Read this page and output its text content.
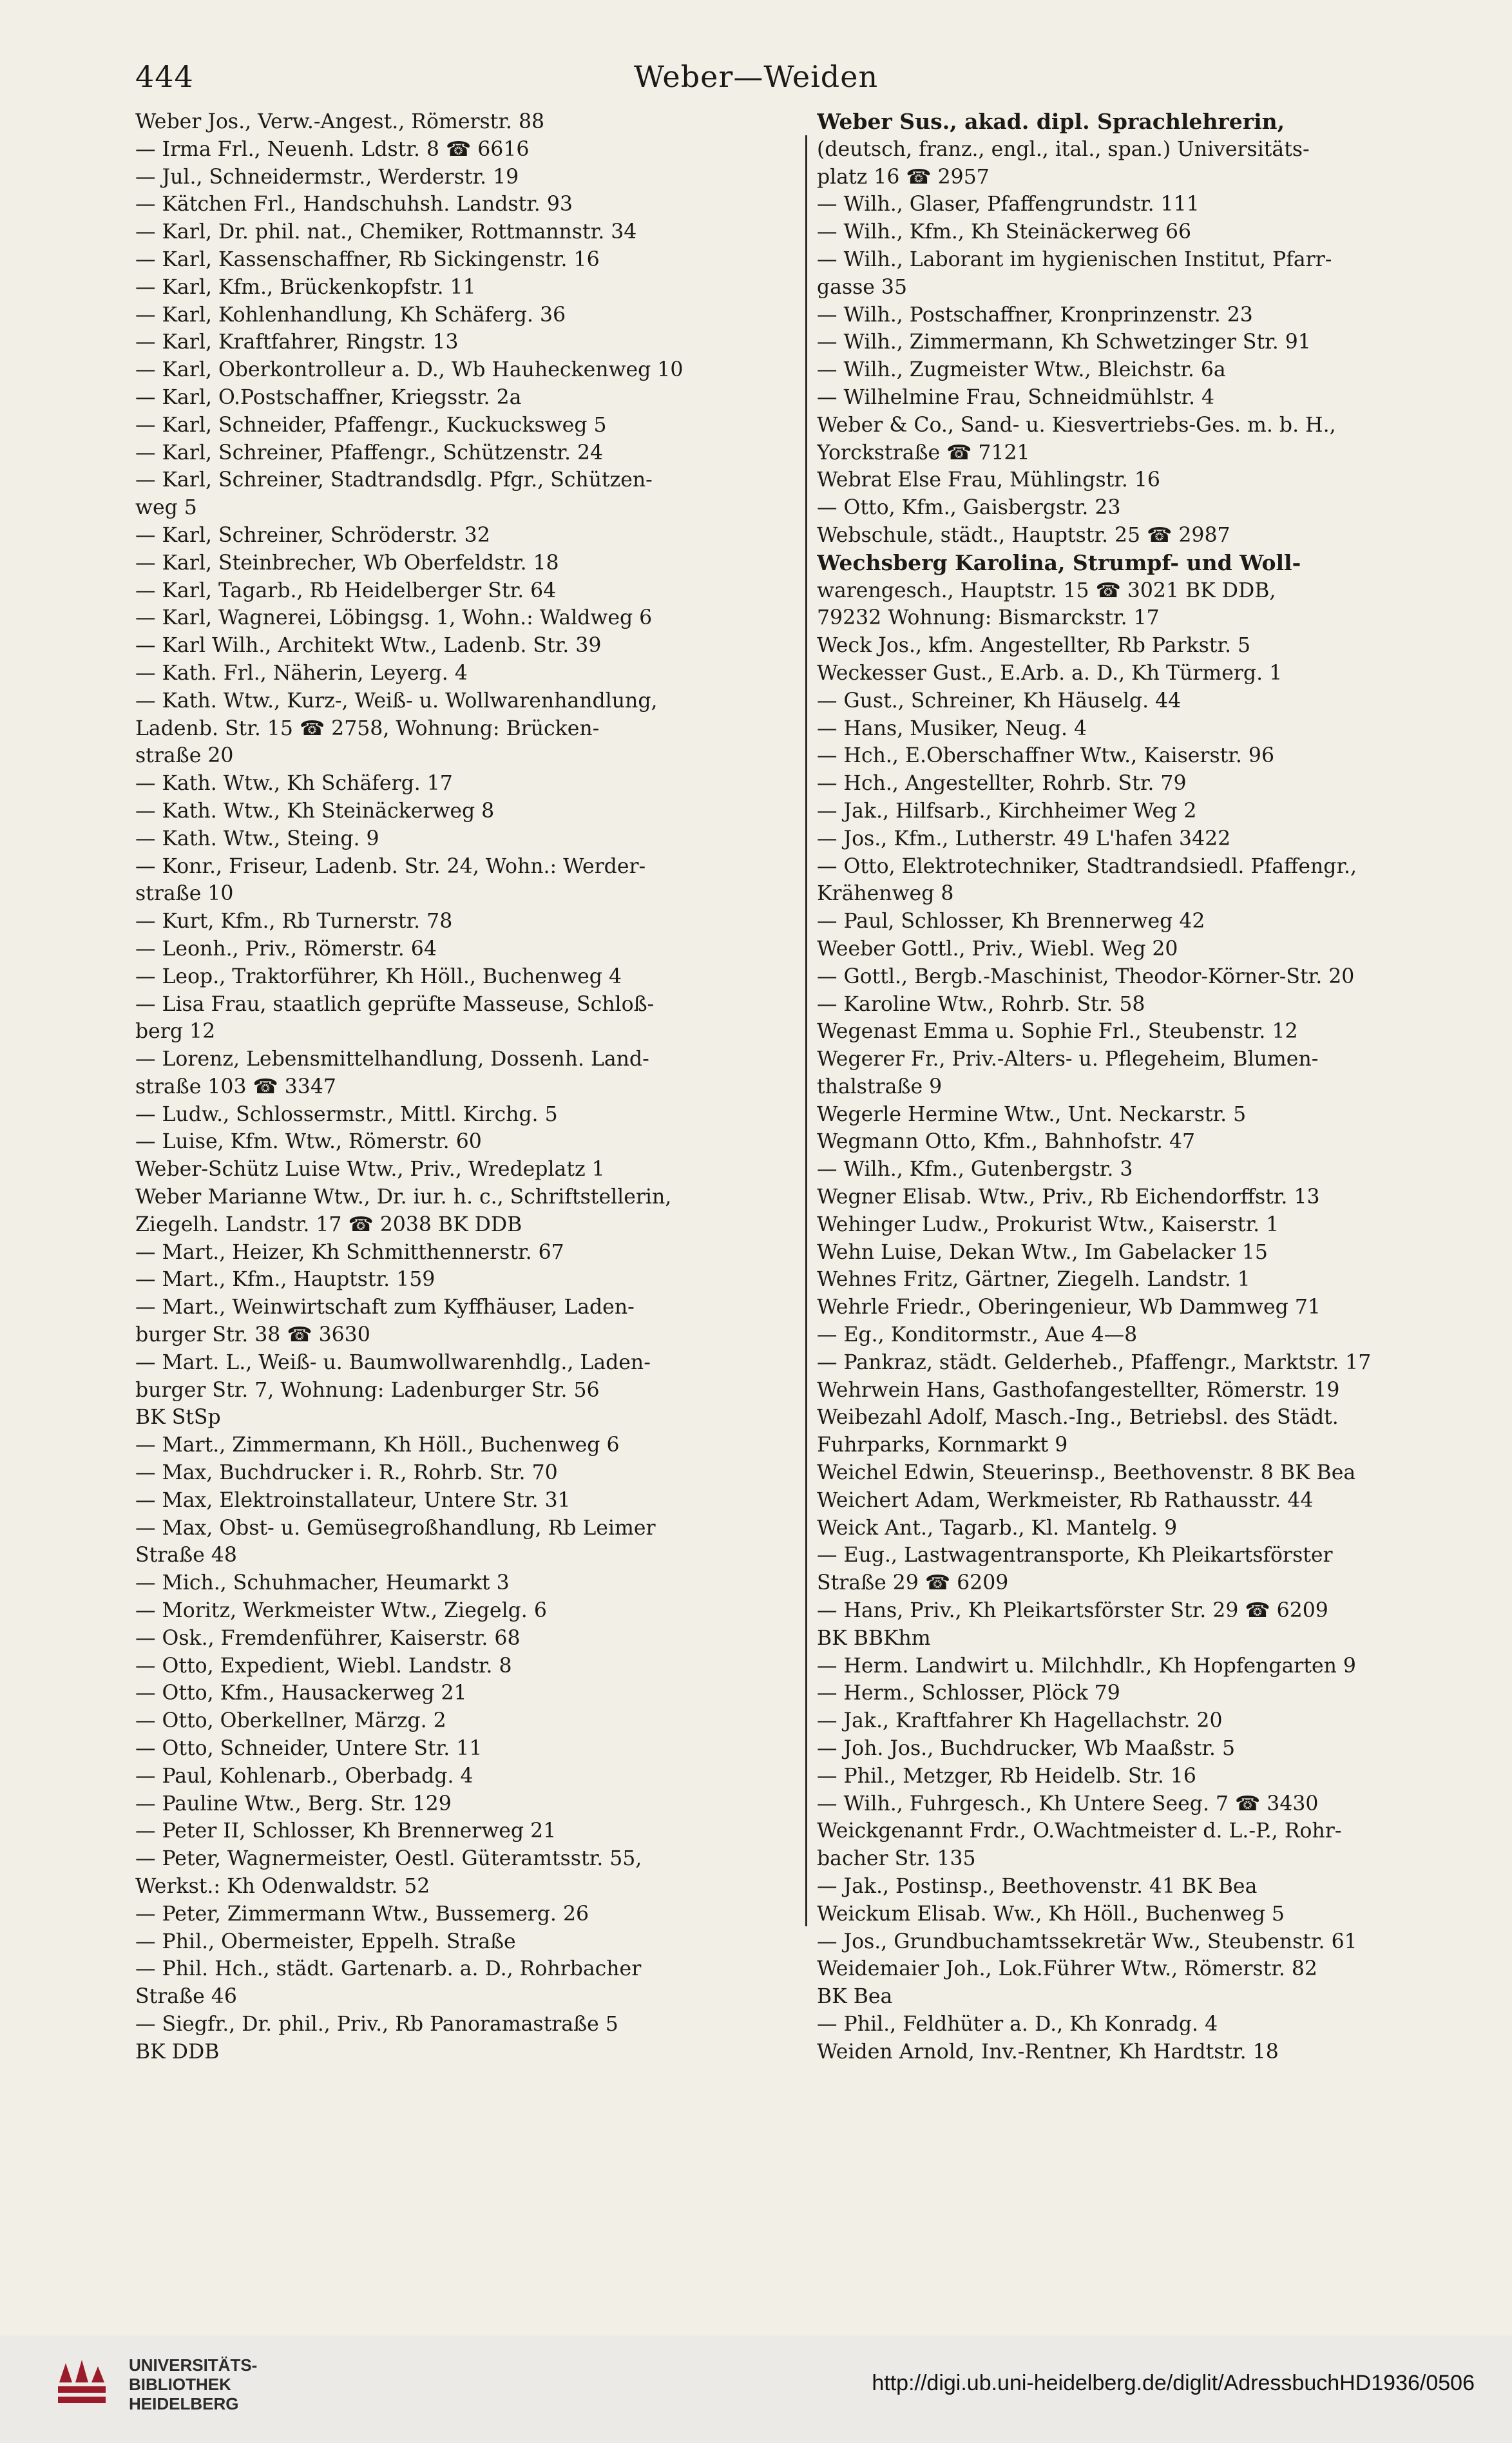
444	Weber—Weiden

Weber Jos., Verw.-Angest., Römerstr. 88

— Irma Frl., Neuenh. Ldstr. 8 ☎ 6616

— Jul., Schneidermstr., Werderstr. 19

— Kätchen Frl., Handschuhsh. Landstr. 93

— Karl, Dr. phil. nat., Chemiker, Rottmannstr. 34

— Karl, Kassenschaffner, Rb Sickingenstr. 16

— Karl, Kfm., Brückenkopfstr. 11

— Karl, Kohlenhandlung, Kh Schäferg. 36

— Karl, Kraftfahrer, Ringstr. 13

— Karl, Oberkontrolleur a. D., Wb Hauheckenweg 10

— Karl, O.Postschaffner, Kriegsstr. 2a

— Karl, Schneider, Pfaffengr., Kuckucksweg 5

— Karl, Schreiner, Pfaffengr., Schützenstr. 24

— Karl, Schreiner, Stadtrandsdlg. Pfgr., Schützen-

weg 5

— Karl, Schreiner, Schröderstr. 32

— Karl, Steinbrecher, Wb Oberfeldstr. 18

— Karl, Tagarb., Rb Heidelberger Str. 64

— Karl, Wagnerei, Löbingsg. 1, Wohn.: Waldweg 6

— Karl Wilh., Architekt Wtw., Ladenb. Str. 39

— Kath. Frl., Näherin, Leyerg. 4

— Kath. Wtw., Kurz-, Weiß- u. Wollwarenhandlung,

Ladenb. Str. 15 ☎ 2758, Wohnung: Brücken-

straße 20

— Kath. Wtw., Kh Schäferg. 17

— Kath. Wtw., Kh Steinäckerweg 8

— Kath. Wtw., Steing. 9

— Konr., Friseur, Ladenb. Str. 24, Wohn.: Werder-

straße 10

— Kurt, Kfm., Rb Turnerstr. 78

— Leonh., Priv., Römerstr. 64

— Leop., Traktorführer, Kh Höll., Buchenweg 4

— Lisa Frau, staatlich geprüfte Masseuse, Schloß-

berg 12

— Lorenz, Lebensmittelhandlung, Dossenh. Land-

straße 103 ☎ 3347

— Ludw., Schlossermstr., Mittl. Kirchg. 5

— Luise, Kfm. Wtw., Römerstr. 60

Weber-Schütz Luise Wtw., Priv., Wredeplatz 1

Weber Marianne Wtw., Dr. iur. h. c., Schriftstellerin,

Ziegelh. Landstr. 17 ☎ 2038 BK DDB

— Mart., Heizer, Kh Schmitthennerstr. 67

— Mart., Kfm., Hauptstr. 159

— Mart., Weinwirtschaft zum Kyffhäuser, Laden-

burger Str. 38 ☎ 3630

— Mart. L., Weiß- u. Baumwollwarenhdlg., Laden-

burger Str. 7, Wohnung: Ladenburger Str. 56

BK StSp

— Mart., Zimmermann, Kh Höll., Buchenweg 6

— Max, Buchdrucker i. R., Rohrb. Str. 70

— Max, Elektroinstallateur, Untere Str. 31

— Max, Obst- u. Gemüsegroßhandlung, Rb Leimer

Straße 48

— Mich., Schuhmacher, Heumarkt 3

— Moritz, Werkmeister Wtw., Ziegelg. 6

— Osk., Fremdenführer, Kaiserstr. 68

— Otto, Expedient, Wiebl. Landstr. 8

— Otto, Kfm., Hausackerweg 21

— Otto, Oberkellner, Märzg. 2

— Otto, Schneider, Untere Str. 11

— Paul, Kohlenarb., Oberbadg. 4

— Pauline Wtw., Berg. Str. 129

— Peter II, Schlosser, Kh Brennerweg 21

— Peter, Wagnermeister, Oestl. Güteramtsstr. 55,

Werkst.: Kh Odenwaldstr. 52

— Peter, Zimmermann Wtw., Bussemerg. 26

— Phil., Obermeister, Eppelh. Straße

— Phil. Hch., städt. Gartenarb. a. D., Rohrbacher

Straße 46

— Siegfr., Dr. phil., Priv., Rb Panoramastraße 5

BK DDB

Weber Sus., akad. dipl. Sprachlehrerin,

(deutsch, franz., engl., ital., span.) Universitäts-

platz 16 ☎ 2957

— Wilh., Glaser, Pfaffengrundstr. 111

— Wilh., Kfm., Kh Steinäckerweg 66

— Wilh., Laborant im hygienischen Institut, Pfarr-

gasse 35

— Wilh., Postschaffner, Kronprinzenstr. 23

— Wilh., Zimmermann, Kh Schwetzinger Str. 91

— Wilh., Zugmeister Wtw., Bleichstr. 6a

— Wilhelmine Frau, Schneidmühlstr. 4

Weber & Co., Sand- u. Kiesvertriebs-Ges. m. b. H.,

Yorckstraße ☎ 7121

Webrat Else Frau, Mühlingstr. 16

— Otto, Kfm., Gaisbergstr. 23

Webschule, städt., Hauptstr. 25 ☎ 2987

Wechsberg Karolina, Strumpf- und Woll-

warengesch., Hauptstr. 15 ☎ 3021 BK DDB,

79232 Wohnung: Bismarckstr. 17

Weck Jos., kfm. Angestellter, Rb Parkstr. 5

Weckesser Gust., E.Arb. a. D., Kh Türmerg. 1

— Gust., Schreiner, Kh Häuselg. 44

— Hans, Musiker, Neug. 4

— Hch., E.Oberschaffner Wtw., Kaiserstr. 96

— Hch., Angestellter, Rohrb. Str. 79

— Jak., Hilfsarb., Kirchheimer Weg 2

— Jos., Kfm., Lutherstr. 49 L'hafen 3422

— Otto, Elektrotechniker, Stadtrandsiedl. Pfaffengr.,

Krähenweg 8

— Paul, Schlosser, Kh Brennerweg 42

Weeber Gottl., Priv., Wiebl. Weg 20

— Gottl., Bergb.-Maschinist, Theodor-Körner-Str. 20

— Karoline Wtw., Rohrb. Str. 58

Wegenast Emma u. Sophie Frl., Steubenstr. 12

Wegerer Fr., Priv.-Alters- u. Pflegeheim, Blumen-

thalstraße 9

Wegerle Hermine Wtw., Unt. Neckarstr. 5

Wegmann Otto, Kfm., Bahnhofstr. 47

— Wilh., Kfm., Gutenbergstr. 3

Wegner Elisab. Wtw., Priv., Rb Eichendorffstr. 13

Wehinger Ludw., Prokurist Wtw., Kaiserstr. 1

Wehn Luise, Dekan Wtw., Im Gabelacker 15

Wehnes Fritz, Gärtner, Ziegelh. Landstr. 1

Wehrle Friedr., Oberingenieur, Wb Dammweg 71

— Eg., Konditormstr., Aue 4—8

— Pankraz, städt. Gelderheb., Pfaffengr., Marktstr. 17

Wehrwein Hans, Gasthofangestellter, Römerstr. 19

Weibezahl Adolf, Masch.-Ing., Betriebsl. des Städt.

Fuhrparks, Kornmarkt 9

Weichel Edwin, Steuerinsp., Beethovenstr. 8 BK Bea

Weichert Adam, Werkmeister, Rb Rathausstr. 44

Weick Ant., Tagarb., Kl. Mantelg. 9

— Eug., Lastwagentransporte, Kh Pleikartsförster

Straße 29 ☎ 6209

— Hans, Priv., Kh Pleikartsförster Str. 29 ☎ 6209

BK BBKhm

— Herm. Landwirt u. Milchhdlr., Kh Hopfengarten 9

— Herm., Schlosser, Plöck 79

— Jak., Kraftfahrer Kh Hagellachstr. 20

— Joh. Jos., Buchdrucker, Wb Maaßstr. 5

— Phil., Metzger, Rb Heidelb. Str. 16

— Wilh., Fuhrgesch., Kh Untere Seeg. 7 ☎ 3430

Weickgenannt Frdr., O.Wachtmeister d. L.-P., Rohr-

bacher Str. 135

— Jak., Postinsp., Beethovenstr. 41 BK Bea

Weickum Elisab. Ww., Kh Höll., Buchenweg 5

— Jos., Grundbuchamtssekretär Ww., Steubenstr. 61

Weidemaier Joh., Lok.Führer Wtw., Römerstr. 82

BK Bea

— Phil., Feldhüter a. D., Kh Konradg. 4

Weiden Arnold, Inv.-Rentner, Kh Hardtstr. 18

UNIVERSITÄTS-
BIBLIOTHEK
HEIDELBERG
http://digi.ub.uni-heidelberg.de/diglit/AdressbuchHD1936/0506
